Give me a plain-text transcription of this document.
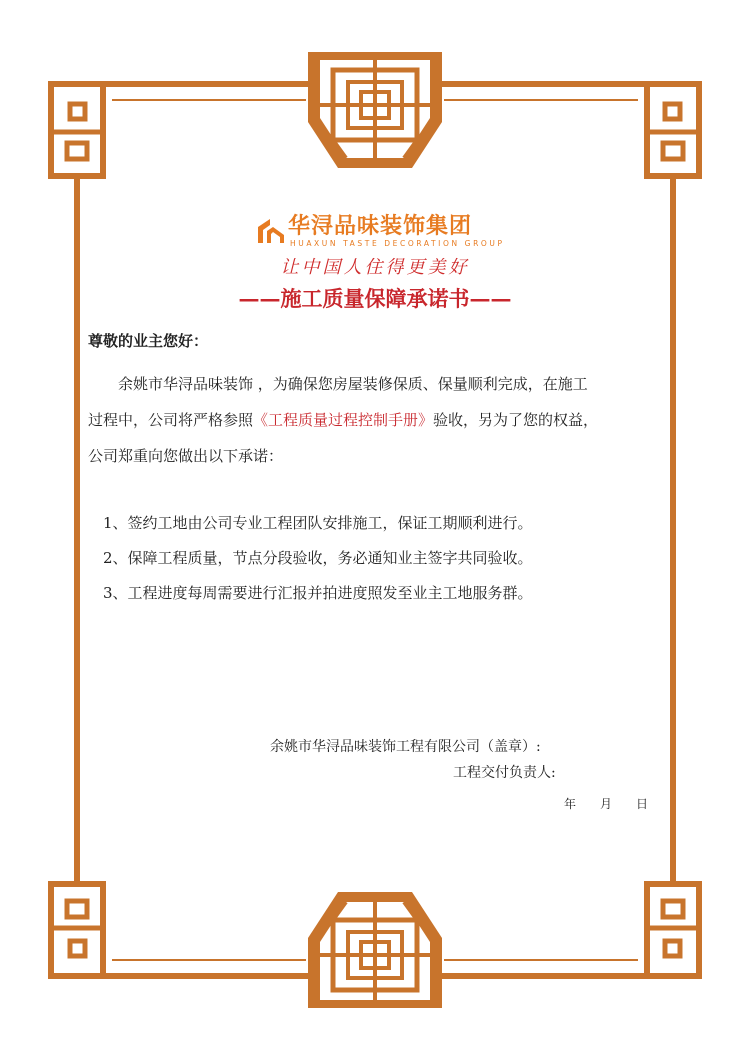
华浔品味装饰集团
HUAXUN TASTE DECORATION GROUP
让中国人住得更美好
——施工质量保障承诺书——
尊敬的业主您好：

余姚市华浔品味装饰 ，为确保您房屋装修保质、保量顺利完成，在施工

过程中，公司将严格参照《工程质量过程控制手册》验收，另为了您的权益，

公司郑重向您做出以下承诺：

1、签约工地由公司专业工程团队安排施工，保证工期顺利进行。
2、保障工程质量，节点分段验收，务必通知业主签字共同验收。
3、工程进度每周需要进行汇报并拍进度照发至业主工地服务群。
余姚市华浔品味装饰工程有限公司（盖章）:
工程交付负责人:
年 月 日
